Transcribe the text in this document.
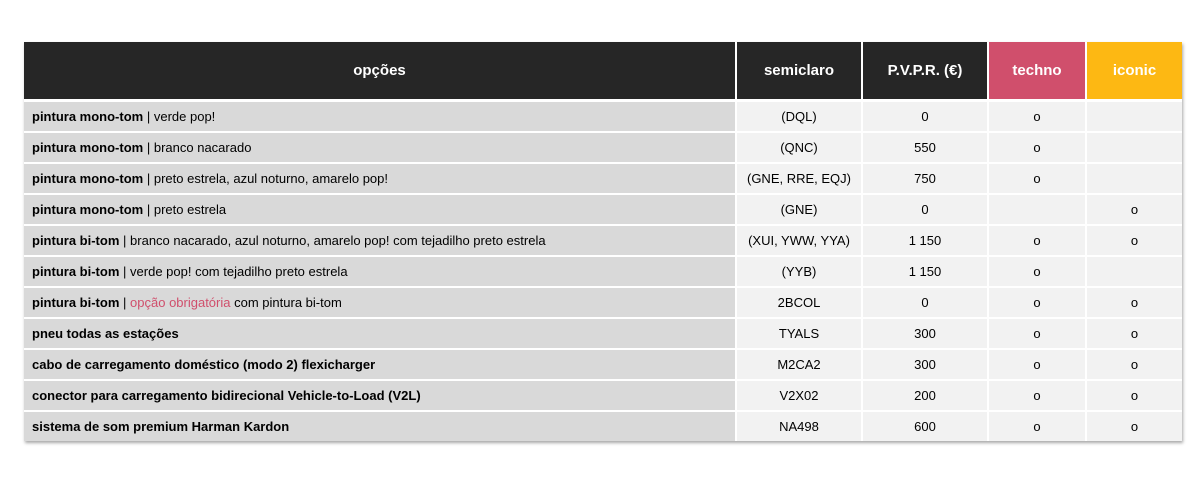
opções	semiclaro	P.V.P.R. (€)	techno	iconic
pintura mono-tom | verde pop!	(DQL)	0	o	
pintura mono-tom | branco nacarado	(QNC)	550	o	
pintura mono-tom | preto estrela, azul noturno, amarelo pop!	(GNE, RRE, EQJ)	750	o	
pintura mono-tom | preto estrela	(GNE)	0		o
pintura bi-tom | branco nacarado, azul noturno, amarelo pop! com tejadilho preto estrela	(XUI, YWW, YYA)	1 150	o	o
pintura bi-tom | verde pop! com tejadilho preto estrela	(YYB)	1 150	o	
pintura bi-tom | opção obrigatória com pintura bi-tom	2BCOL	0	o	o
pneu todas as estações	TYALS	300	o	o
cabo de carregamento doméstico (modo 2) flexicharger	M2CA2	300	o	o
conector para carregamento bidirecional Vehicle-to-Load (V2L)	V2X02	200	o	o
sistema de som premium Harman Kardon	NA498	600	o	o
